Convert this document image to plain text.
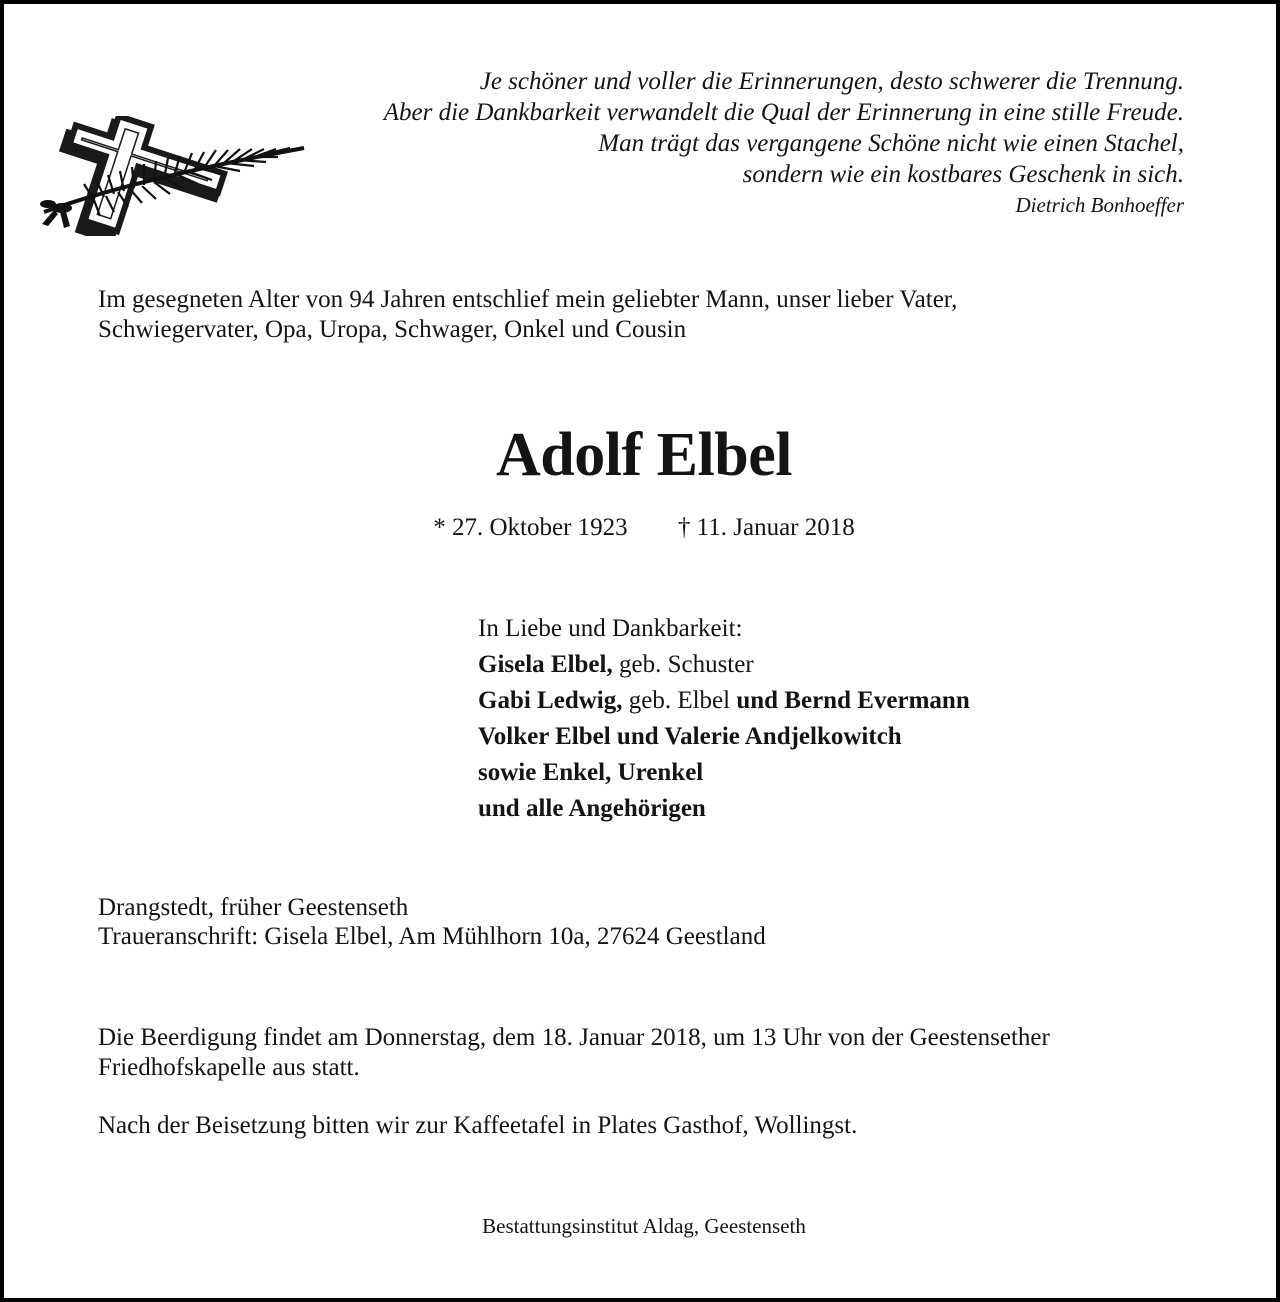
Je schöner und voller die Erinnerungen, desto schwerer die Trennung.
Aber die Dankbarkeit verwandelt die Qual der Erinnerung in eine stille Freude.
Man trägt das vergangene Schöne nicht wie einen Stachel,
sondern wie ein kostbares Geschenk in sich.
Dietrich Bonhoeffer
Im gesegneten Alter von 94 Jahren entschlief mein geliebter Mann, unser lieber Vater,
Schwiegervater, Opa, Uropa, Schwager, Onkel und Cousin
Adolf Elbel
* 27. Oktober 1923 † 11. Januar 2018
In Liebe und Dankbarkeit:
Gisela Elbel, geb. Schuster
Gabi Ledwig, geb. Elbel und Bernd Evermann
Volker Elbel und Valerie Andjelkowitch
sowie Enkel, Urenkel
und alle Angehörigen
Drangstedt, früher Geestenseth
Traueranschrift: Gisela Elbel, Am Mühlhorn 10a, 27624 Geestland
Die Beerdigung findet am Donnerstag, dem 18. Januar 2018, um 13 Uhr von der Geestensether
Friedhofskapelle aus statt.
Nach der Beisetzung bitten wir zur Kaffeetafel in Plates Gasthof, Wollingst.
Bestattungsinstitut Aldag, Geestenseth
